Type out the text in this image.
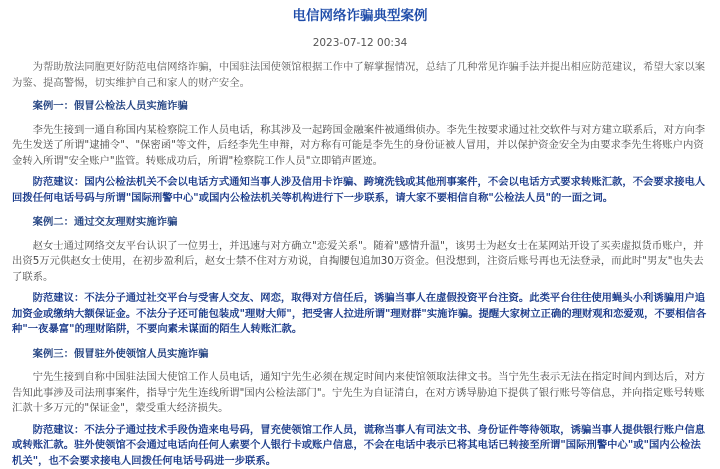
电信网络诈骗典型案例
2023-07-12 00:34

为帮助敖法同胞更好防范电信网络诈骗，中国驻法国使领馆根据工作中了解掌握情况，总结了几种常见诈骗手法并提出相应防范建议，希望大家以案为鉴、提高警惕，切实维护自己和家人的财产安全。

案例一：假冒公检法人员实施诈骗

李先生接到一通自称国内某检察院工作人员电话，称其涉及一起跨国金融案件被通缉侦办。李先生按要求通过社交软件与对方建立联系后，对方向李先生发送了所谓"逮捕令"、"保密函"等文件，后经李先生申辩，对方称有可能是李先生的身份证被人冒用，并以保护资金安全为由要求李先生将账户内资金转入所谓"安全账户"监管。转账成功后，所谓"检察院工作人员"立即销声匿迹。

防范建议：国内公检法机关不会以电话方式通知当事人涉及信用卡诈骗、跨境洗钱或其他刑事案件，不会以电话方式要求转账汇款，不会要求接电人回拨任何电话号码与所谓"国际刑警中心"或国内公检法机关等机构进行下一步联系，请大家不要相信自称"公检法人员"的一面之词。

案例二：通过交友理财实施诈骗

赵女士通过网络交友平台认识了一位男士，并迅速与对方确立"恋爱关系"。随着"感情升温"，该男士为赵女士在某网站开设了买卖虚拟货币账户，并出资5万元供赵女士使用，在初步盈利后，赵女士禁不住对方劝说，自掏腰包追加30万资金。但没想到，注资后账号再也无法登录，而此时"男友"也失去了联系。

防范建议：不法分子通过社交平台与受害人交友、网恋，取得对方信任后，诱骗当事人在虚假投资平台注资。此类平台往往使用蝇头小利诱骗用户追加资金或缴纳大额保证金。不法分子还可能包装成"理财大师"，把受害人拉进所谓"理财群"实施诈骗。提醒大家树立正确的理财观和恋爱观，不要相信各种"一夜暴富"的理财陷阱，不要向素未谋面的陌生人转账汇款。

案例三：假冒驻外使领馆人员实施诈骗

宁先生接到自称中国驻法国大使馆工作人员电话，通知宁先生必须在规定时间内来使馆领取法律文书。当宁先生表示无法在指定时间内到达后，对方告知此事涉及司法刑事案件，指导宁先生连线所谓"国内公检法部门"。宁先生为自证清白，在对方诱导胁迫下提供了银行账号等信息，并向指定账号转账汇款十多万元的"保证金"，蒙受重大经济损失。

防范建议：不法分子通过技术手段伪造来电号码，冒充使领馆工作人员，谎称当事人有司法文书、身份证件等待领取，诱骗当事人提供银行账户信息或转账汇款。驻外使领馆不会通过电话向任何人索要个人银行卡或账户信息，不会在电话中表示已将其电话已转接至所谓"国际刑警中心"或"国内公检法机关"，也不会要求接电人回拨任何电话号码进一步联系。
